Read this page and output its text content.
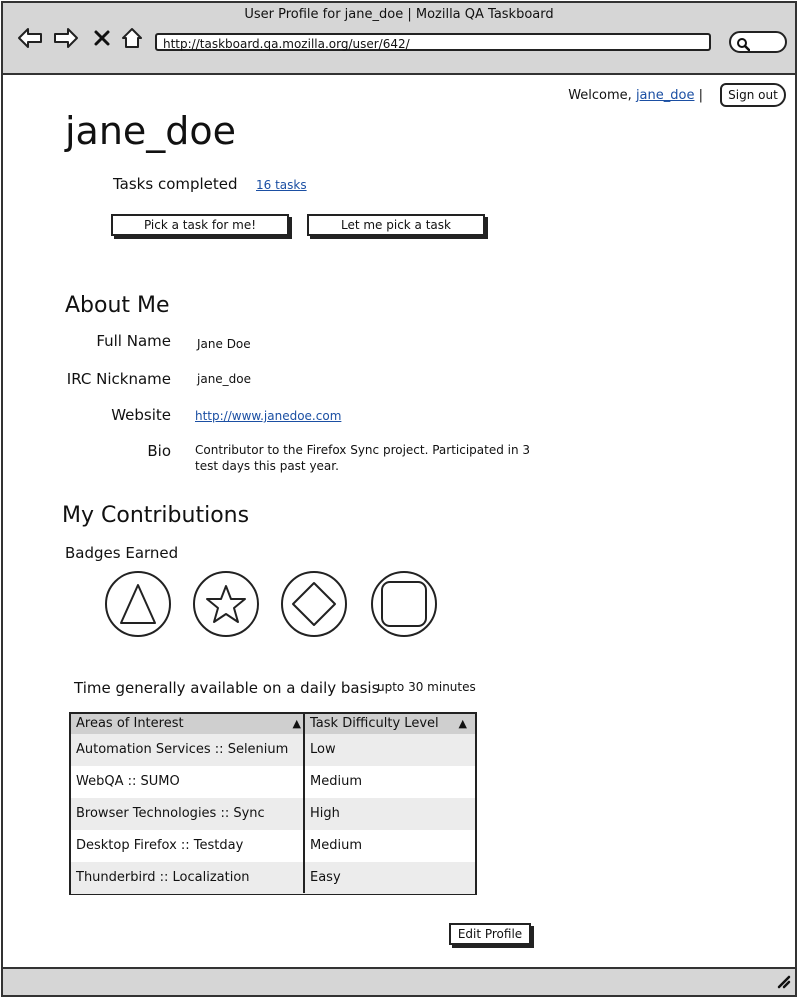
User Profile for jane_doe | Mozilla QA Taskboard
http://taskboard.qa.mozilla.org/user/642/
Welcome, jane_doe |	Sign out
jane_doe
Tasks completed 16 tasks
Pick a task for me!	Let me pick a task
About Me
Full Name Jane Doe
IRC Nickname jane_doe
Website http://www.janedoe.com
Bio Contributor to the Firefox Sync project. Participated in 3
test days this past year.
My Contributions
Badges Earned
Time generally available on a daily basis
upto 30 minutes
Areas of Interest	▲ Task Difficulty Level ▲
Automation Services :: Selenium	Low
WebQA :: SUMO	Medium
Browser Technologies :: Sync	High
Desktop Firefox :: Testday	Medium
Thunderbird :: Localization	Easy
Edit Profile
